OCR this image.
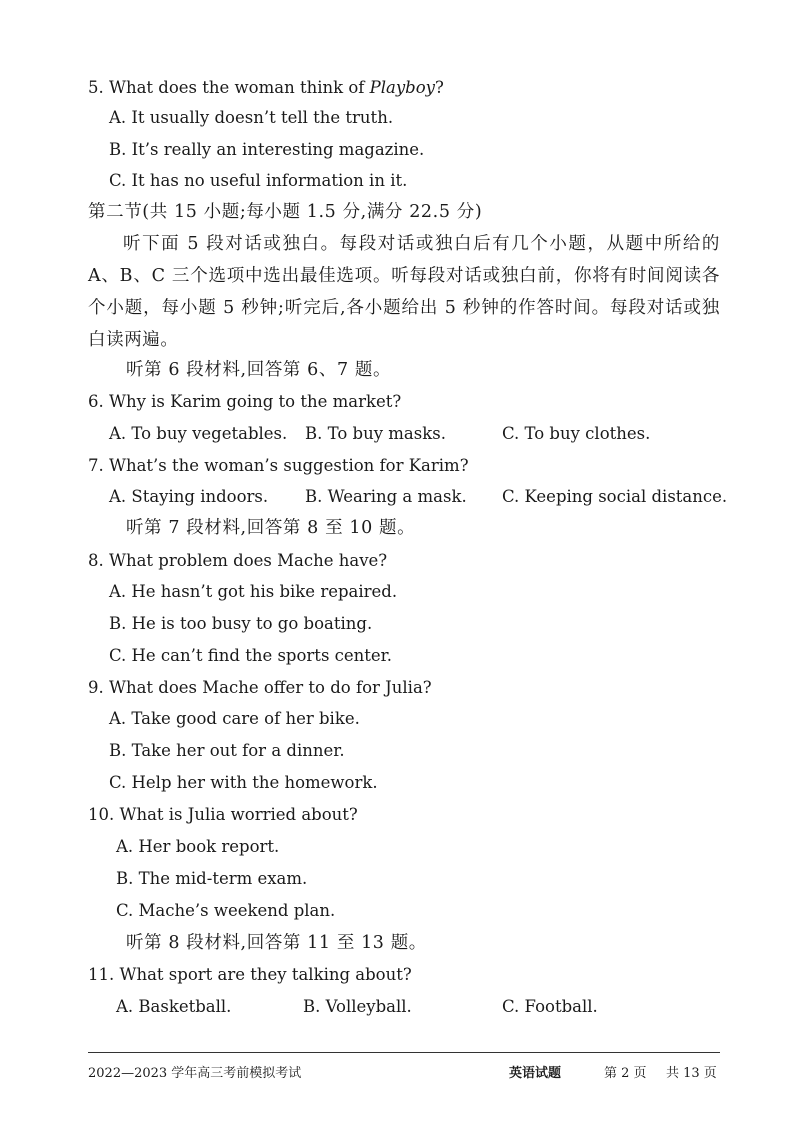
5. What does the woman think of Playboy?
A. It usually doesn’t tell the truth.
B. It’s really an interesting magazine.
C. It has no useful information in it.
第二节(共 15 小题;每小题 1.5 分,满分 22.5 分)
听下面 5 段对话或独白。每段对话或独白后有几个小题，从题中所给的 A、B、C 三个选项中选出最佳选项。听每段对话或独白前，你将有时间阅读各个小题，每小题 5 秒钟;听完后,各小题给出 5 秒钟的作答时间。每段对话或独白读两遍。
听第 6 段材料,回答第 6、7 题。
6. Why is Karim going to the market?
A. To buy vegetables. B. To buy masks.	C. To buy clothes.
7. What’s the woman’s suggestion for Karim?
A. Staying indoors. B. Wearing a mask. C. Keeping social distance.
听第 7 段材料,回答第 8 至 10 题。
8. What problem does Mache have?
A. He hasn’t got his bike repaired.
B. He is too busy to go boating.
C. He can’t find the sports center.
9. What does Mache offer to do for Julia?
A. Take good care of her bike.
B. Take her out for a dinner.
C. Help her with the homework.
10. What is Julia worried about?
A. Her book report.
B. The mid-term exam.
C. Mache’s weekend plan.
听第 8 段材料,回答第 11 至 13 题。
11. What sport are they talking about?
A. Basketball.	B. Volleyball.	C. Football.
2022—2023 学年高三考前模拟考试	英语试题	第 2 页 共 13 页
